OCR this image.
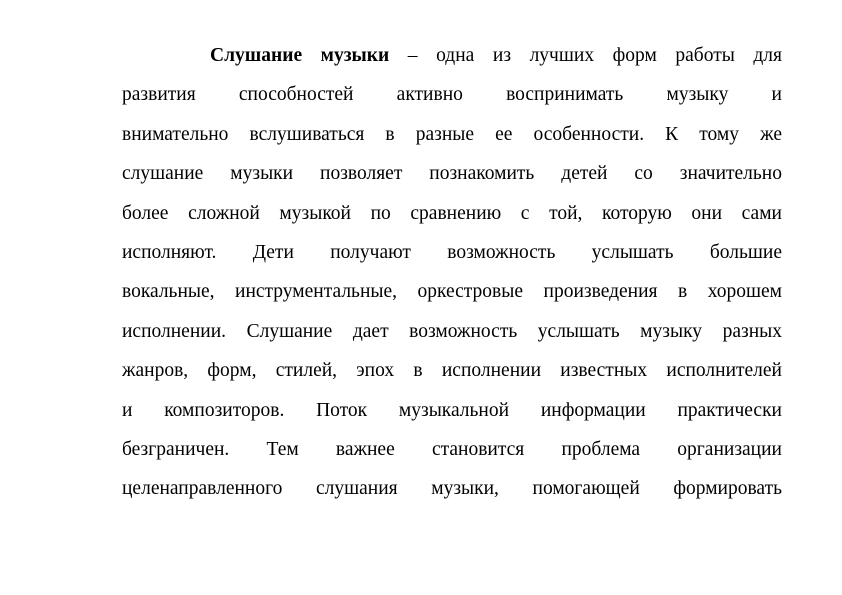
Слушание музыки – одна из лучших форм работы для
развития способностей активно воспринимать музыку и
внимательно вслушиваться в разные ее особенности. К тому же
слушание музыки позволяет познакомить детей со значительно
более сложной музыкой по сравнению с той, которую они сами
исполняют. Дети получают возможность услышать большие
вокальные, инструментальные, оркестровые произведения в хорошем
исполнении. Слушание дает возможность услышать музыку разных
жанров, форм, стилей, эпох в исполнении известных исполнителей
и композиторов. Поток музыкальной информации практически
безграничен. Тем важнее становится проблема организации
целенаправленного слушания музыки, помогающей формировать
